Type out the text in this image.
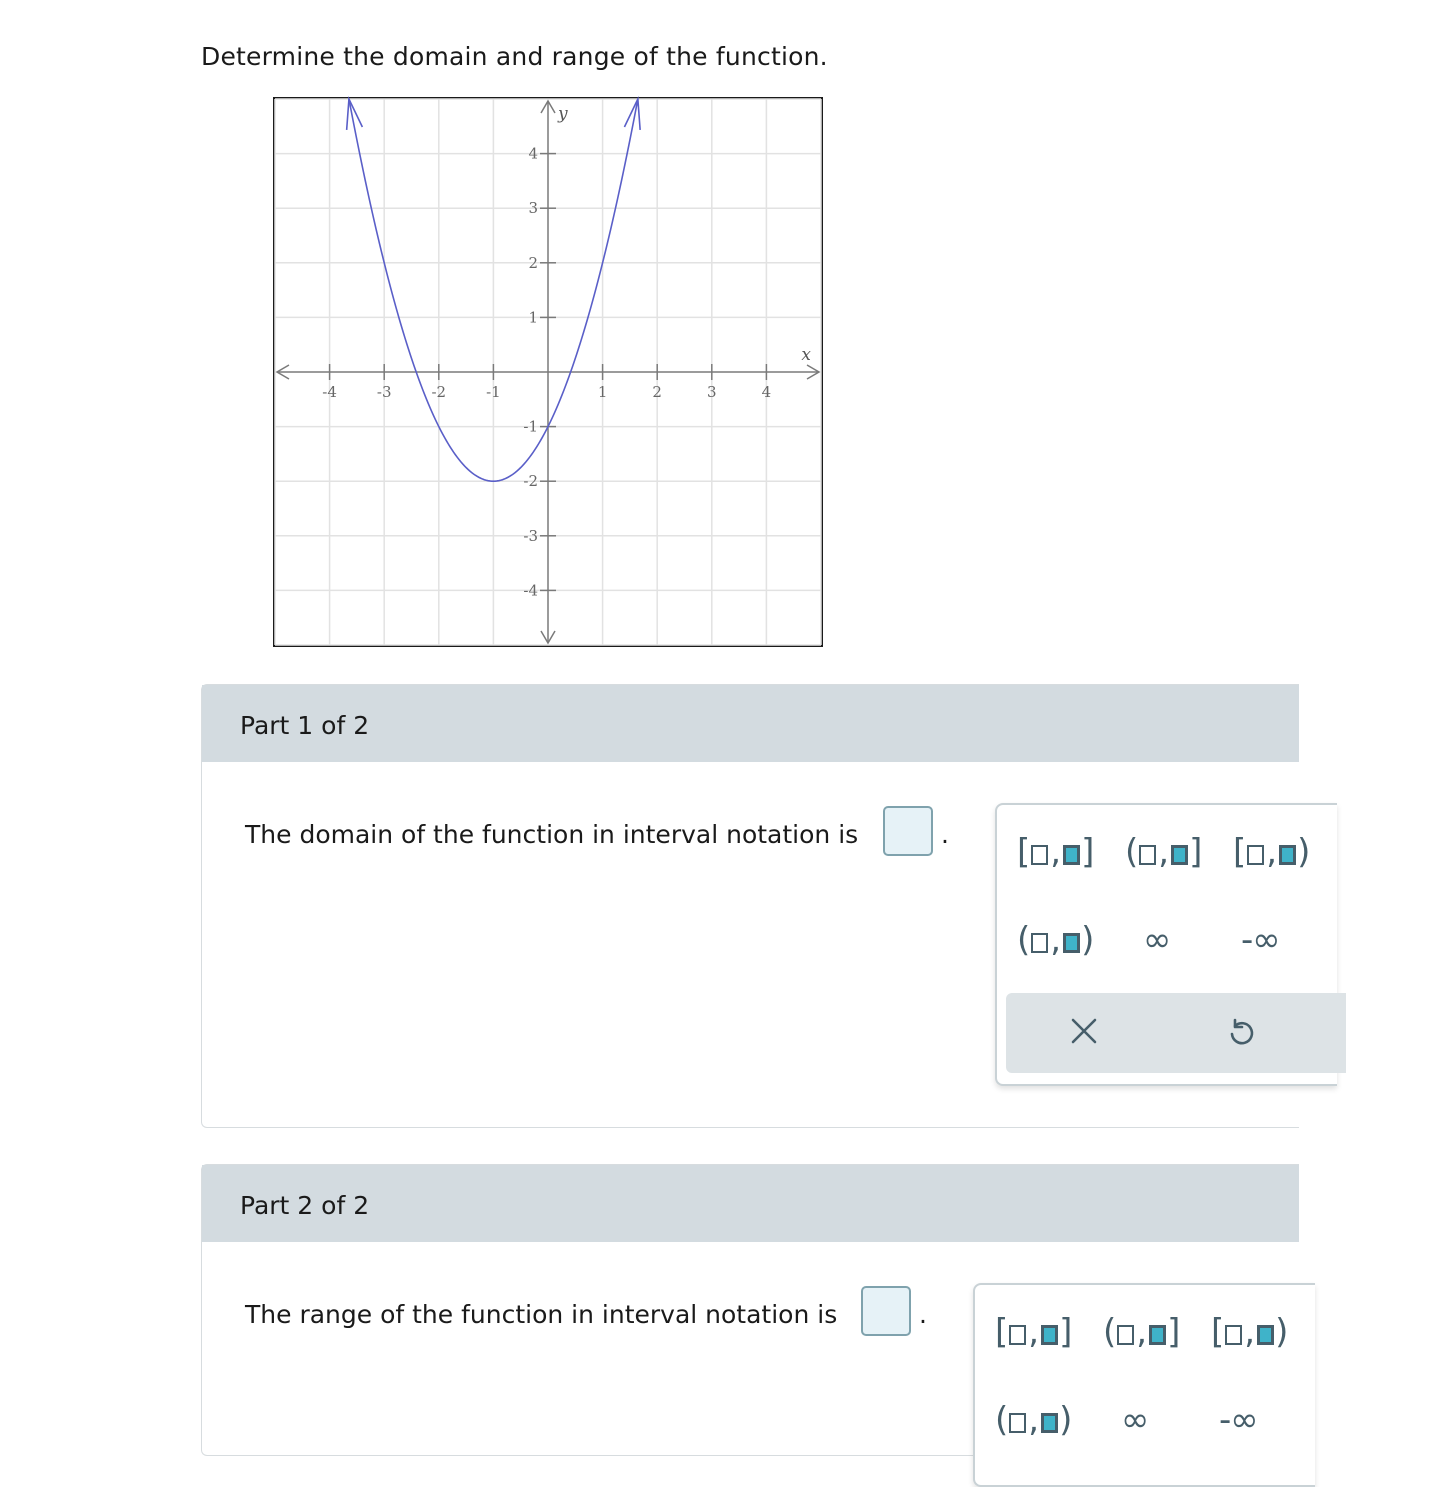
Determine the domain and range of the function.
-4	-3	-2	-1	1	2	3	4
4
3
2
1
-1
-2
-3
-4
x
y
Part 1 of 2
The domain of the function in interval notation is	. [ , ] ( , ] [ , )
( , ) ∞ -∞
Part 2 of 2
The range of the function in interval notation is	. [ , ] ( , ] [ , )
( , ) ∞ -∞
